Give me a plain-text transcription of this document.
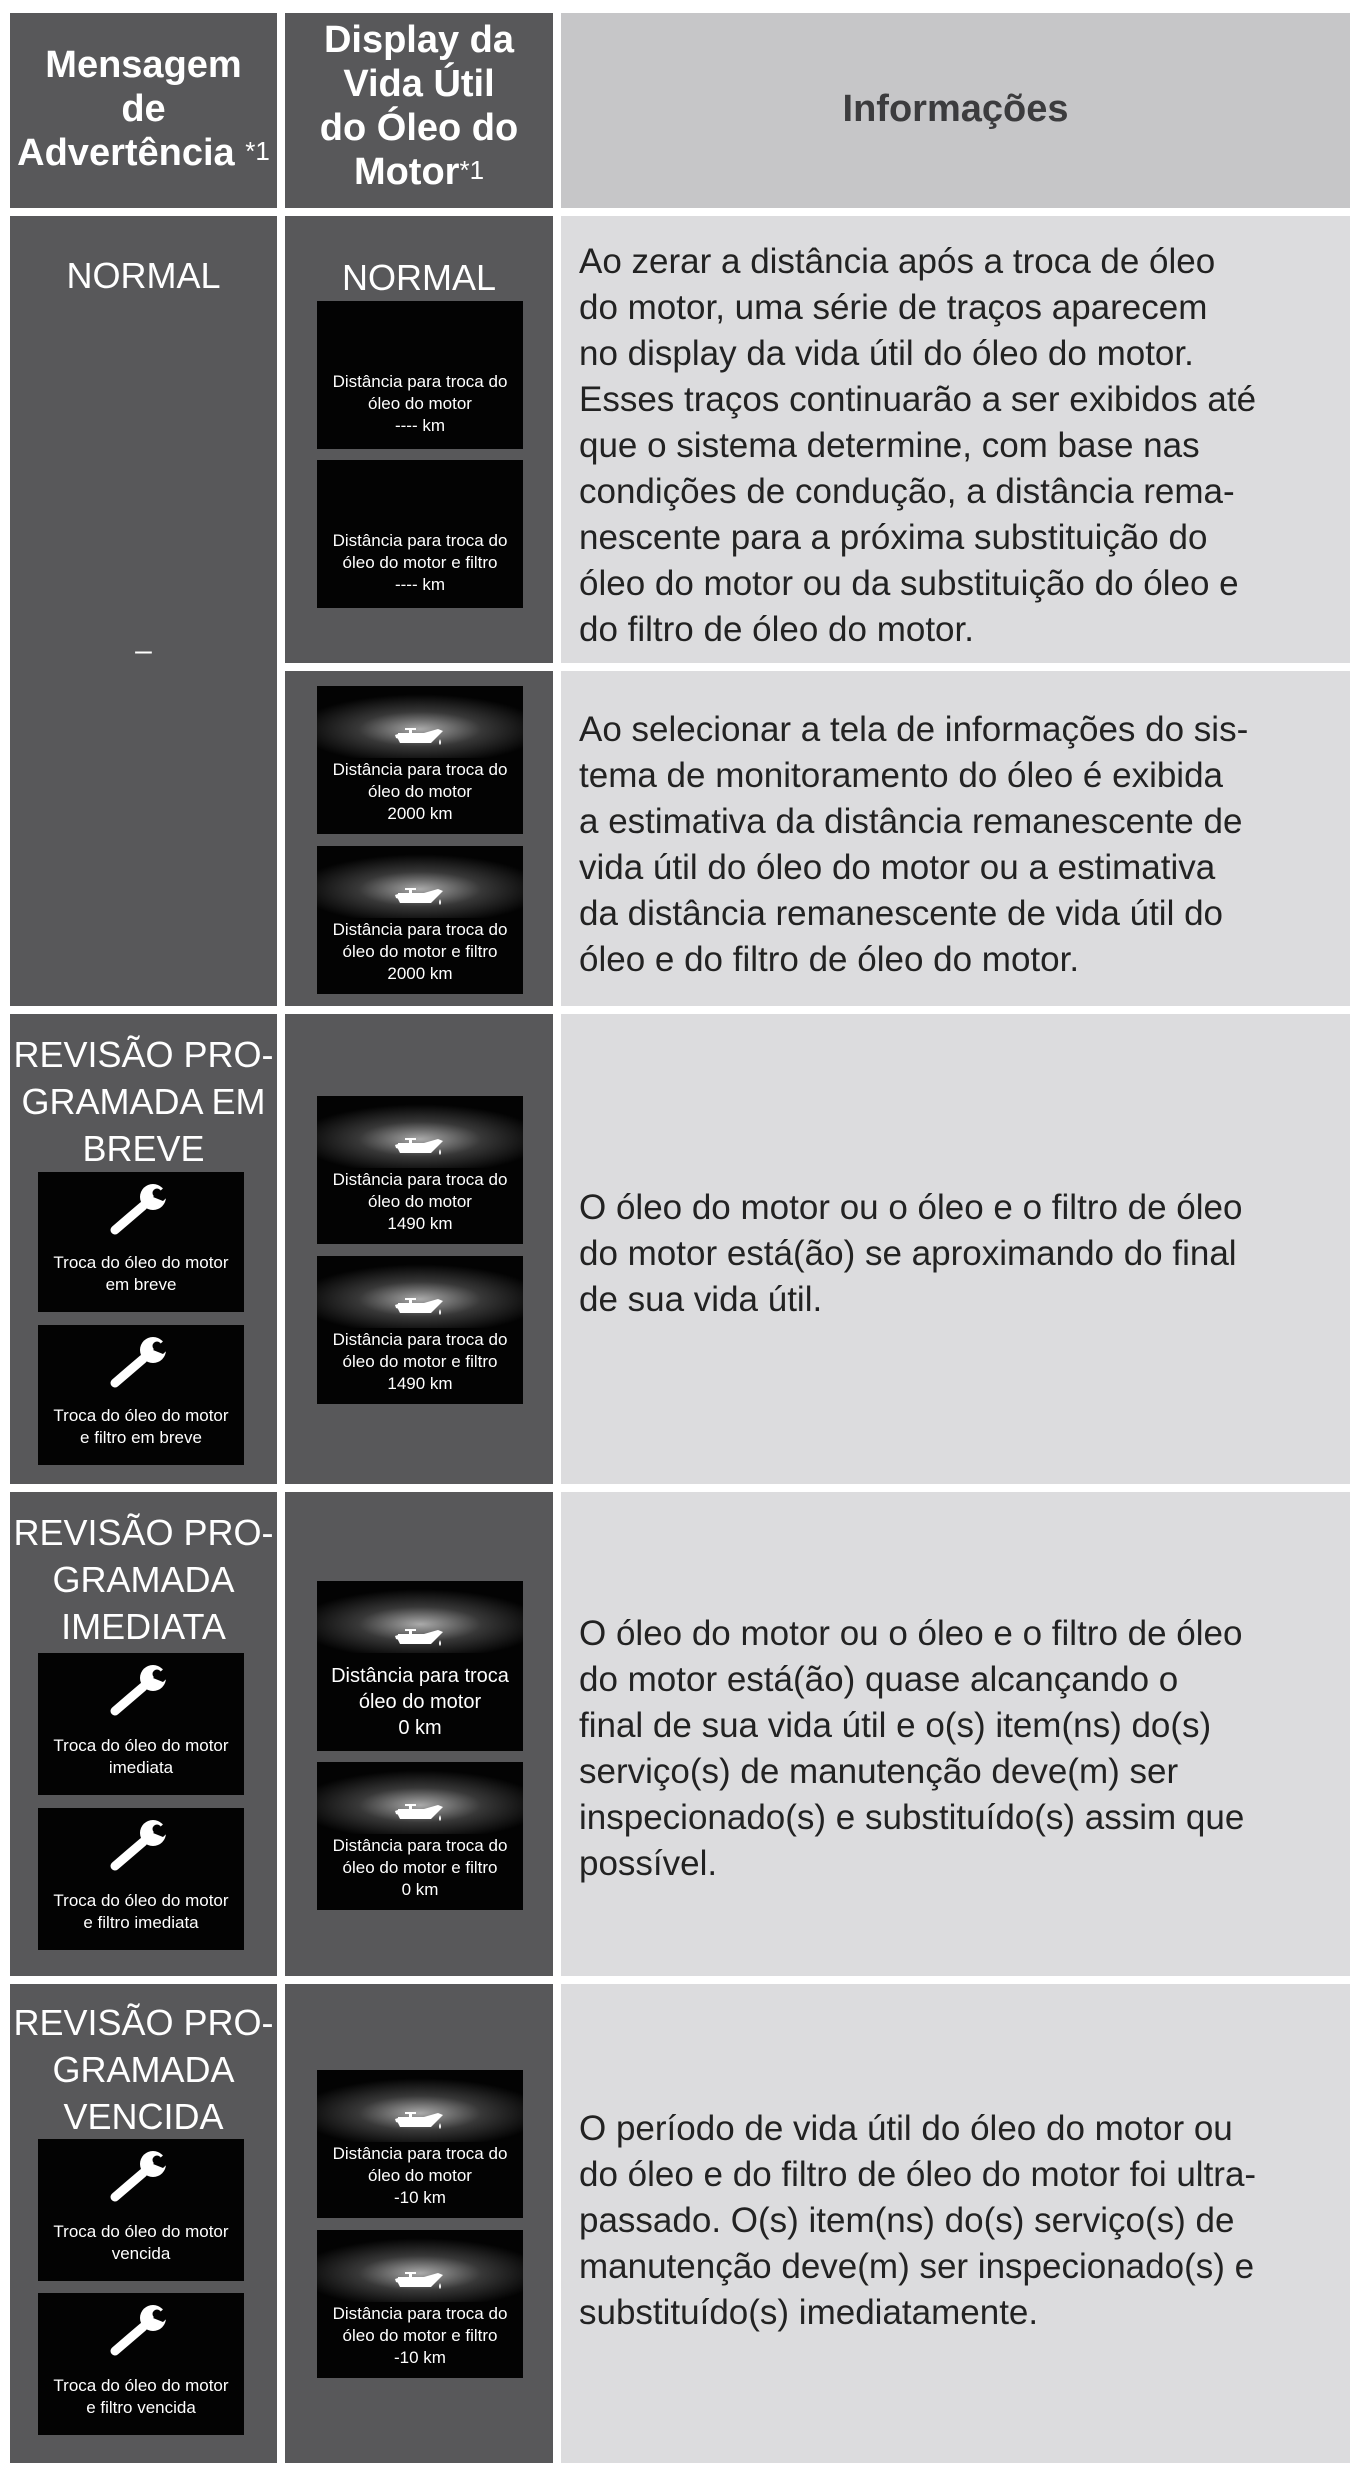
Mensagem
de
Advertência $^{*1}$
Display da
Vida Útil
do Óleo do
Motor$^{*1}$
Informações
NORMAL
–
NORMAL
Distância para troca do
óleo do motor
---- km
Distância para troca do
óleo do motor e filtro
---- km
Ao zerar a distância após a troca de óleo
do motor, uma série de traços aparecem
no display da vida útil do óleo do motor.
Esses traços continuarão a ser exibidos até
que o sistema determine, com base nas
condições de condução, a distância rema-
nescente para a próxima substituição do
óleo do motor ou da substituição do óleo e
do filtro de óleo do motor.
Distância para troca do
óleo do motor
2000 km
Distância para troca do
óleo do motor e filtro
2000 km
Ao selecionar a tela de informações do sis-
tema de monitoramento do óleo é exibida
a estimativa da distância remanescente de
vida útil do óleo do motor ou a estimativa
da distância remanescente de vida útil do
óleo e do filtro de óleo do motor.
REVISÃO PRO-
GRAMADA EM
BREVE
Troca do óleo do motor
em breve
Troca do óleo do motor
e filtro em breve
Distância para troca do
óleo do motor
1490 km
Distância para troca do
óleo do motor e filtro
1490 km
O óleo do motor ou o óleo e o filtro de óleo
do motor está(ão) se aproximando do final
de sua vida útil.
REVISÃO PRO-
GRAMADA
IMEDIATA
Troca do óleo do motor
imediata
Troca do óleo do motor
e filtro imediata
Distância para troca
óleo do motor
0 km
Distância para troca do
óleo do motor e filtro
0 km
O óleo do motor ou o óleo e o filtro de óleo
do motor está(ão) quase alcançando o
final de sua vida útil e o(s) item(ns) do(s)
serviço(s) de manutenção deve(m) ser
inspecionado(s) e substituído(s) assim que
possível.
REVISÃO PRO-
GRAMADA
VENCIDA
Troca do óleo do motor
vencida
Troca do óleo do motor
e filtro vencida
Distância para troca do
óleo do motor
-10 km
Distância para troca do
óleo do motor e filtro
-10 km
O período de vida útil do óleo do motor ou
do óleo e do filtro de óleo do motor foi ultra-
passado. O(s) item(ns) do(s) serviço(s) de
manutenção deve(m) ser inspecionado(s) e
substituído(s) imediatamente.
